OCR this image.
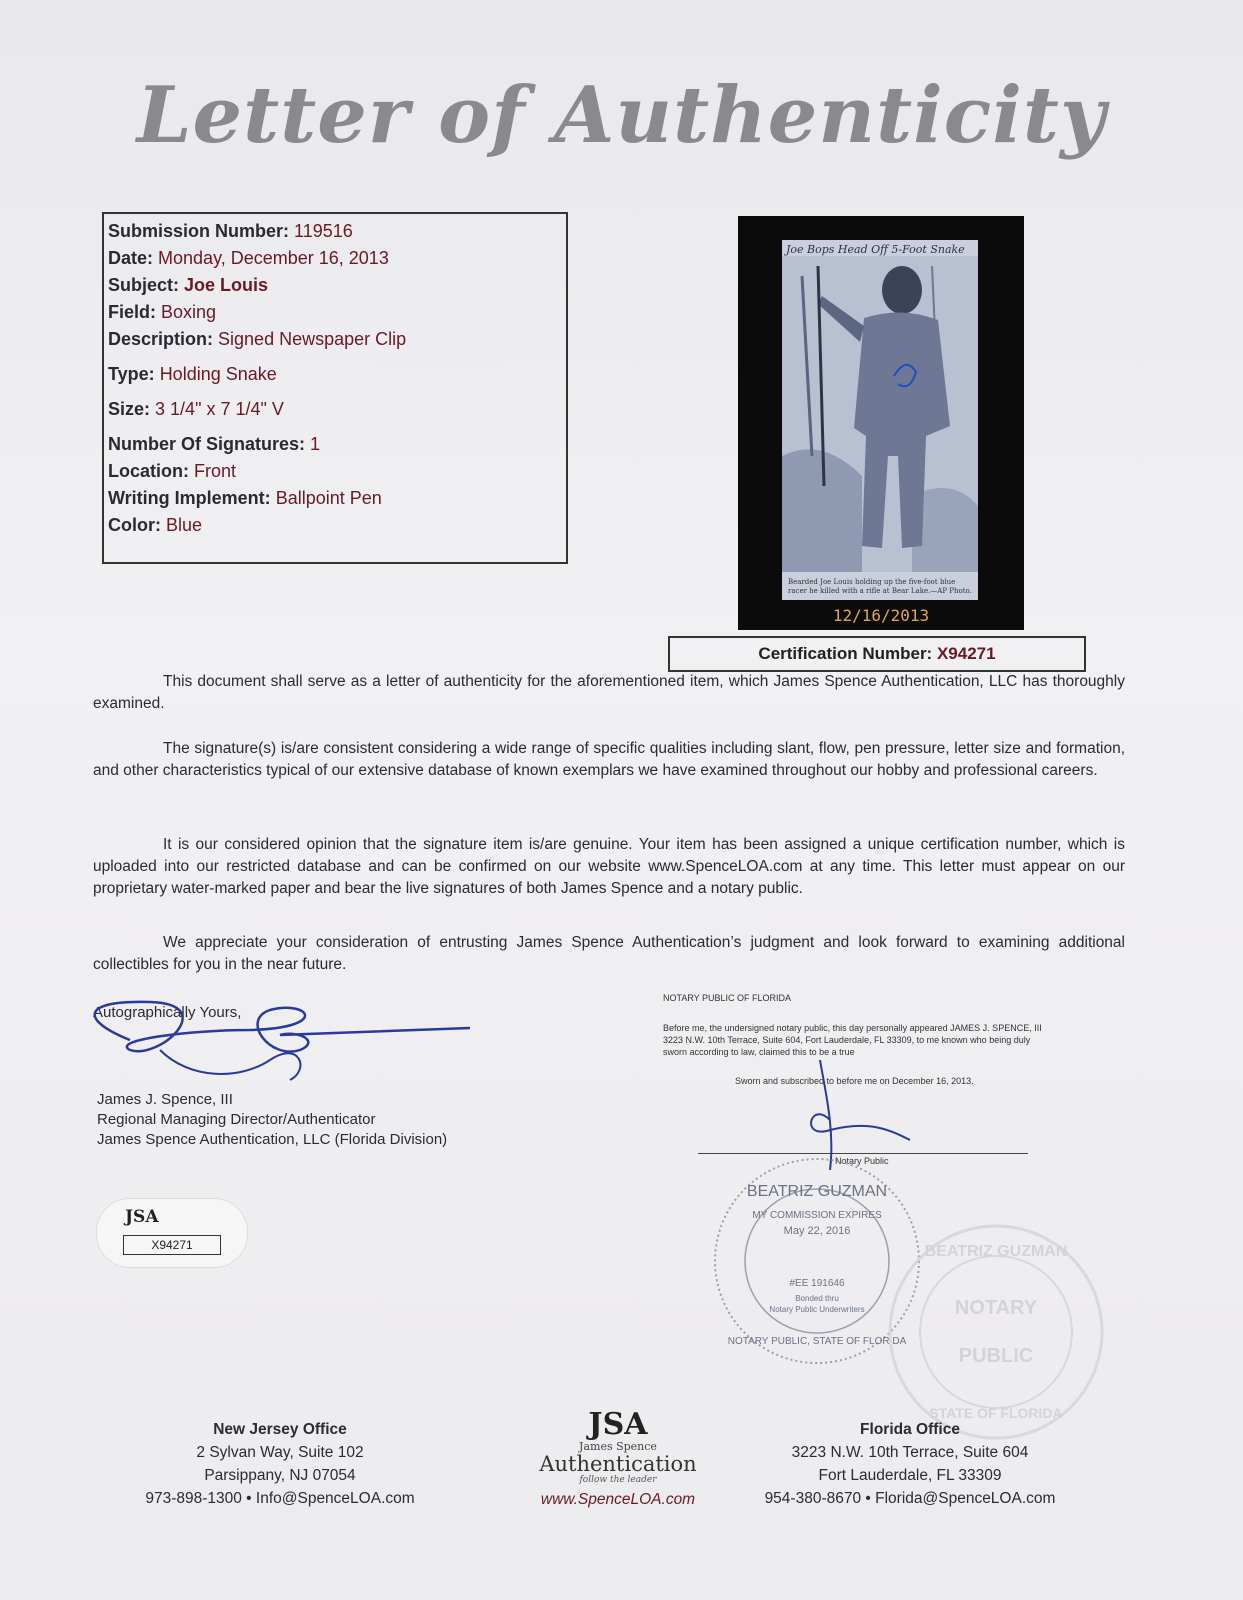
Letter of Authenticity
Submission Number: 119516
Date: Monday, December 16, 2013
Subject: Joe Louis
Field: Boxing
Description: Signed Newspaper Clip
Type: Holding Snake
Size: 3 1/4" x 7 1/4" V
Number Of Signatures: 1
Location: Front
Writing Implement: Ballpoint Pen
Color: Blue
Joe Bops Head Off 5-Foot Snake
Bearded Joe Louis holding up the five-foot blue racer he killed with a rifle at Bear Lake.—AP Photo.
12/16/2013
Certification Number: X94271

This document shall serve as a letter of authenticity for the aforementioned item, which James Spence Authentication, LLC has thoroughly examined.

The signature(s) is/are consistent considering a wide range of specific qualities including slant, flow, pen pressure, letter size and formation, and other characteristics typical of our extensive database of known exemplars we have examined throughout our hobby and professional careers.

It is our considered opinion that the signature item is/are genuine. Your item has been assigned a unique certification number, which is uploaded into our restricted database and can be confirmed on our website www.SpenceLOA.com at any time. This letter must appear on our proprietary water-marked paper and bear the live signatures of both James Spence and a notary public.

We appreciate your consideration of entrusting James Spence Authentication’s judgment and look forward to examining additional collectibles for you in the near future.

Autographically Yours,
James J. Spence, III
Regional Managing Director/Authenticator
James Spence Authentication, LLC (Florida Division)
JSA
X94271
NOTARY PUBLIC OF FLORIDA
Before me, the undersigned notary public, this day personally appeared JAMES J. SPENCE, III 3223 N.W. 10th Terrace, Suite 604, Fort Lauderdale, FL 33309, to me known who being duly sworn according to law, claimed this to be a true
Sworn and subscribed to before me on December 16, 2013.
Notary Public
BEATRIZ GUZMAN
MY COMMISSION EXPIRES
May 22, 2016
#EE 191646
Bonded thru
Notary Public Underwriters
NOTARY PUBLIC, STATE OF FLORIDA
BEATRIZ GUZMAN
NOTARY
PUBLIC
STATE OF FLORIDA
New Jersey Office
2 Sylvan Way, Suite 102
Parsippany, NJ 07054
973-898-1300 • Info@SpenceLOA.com
JSA
James Spence
Authentication
follow the leader
www.SpenceLOA.com
Florida Office
3223 N.W. 10th Terrace, Suite 604
Fort Lauderdale, FL 33309
954-380-8670 • Florida@SpenceLOA.com
